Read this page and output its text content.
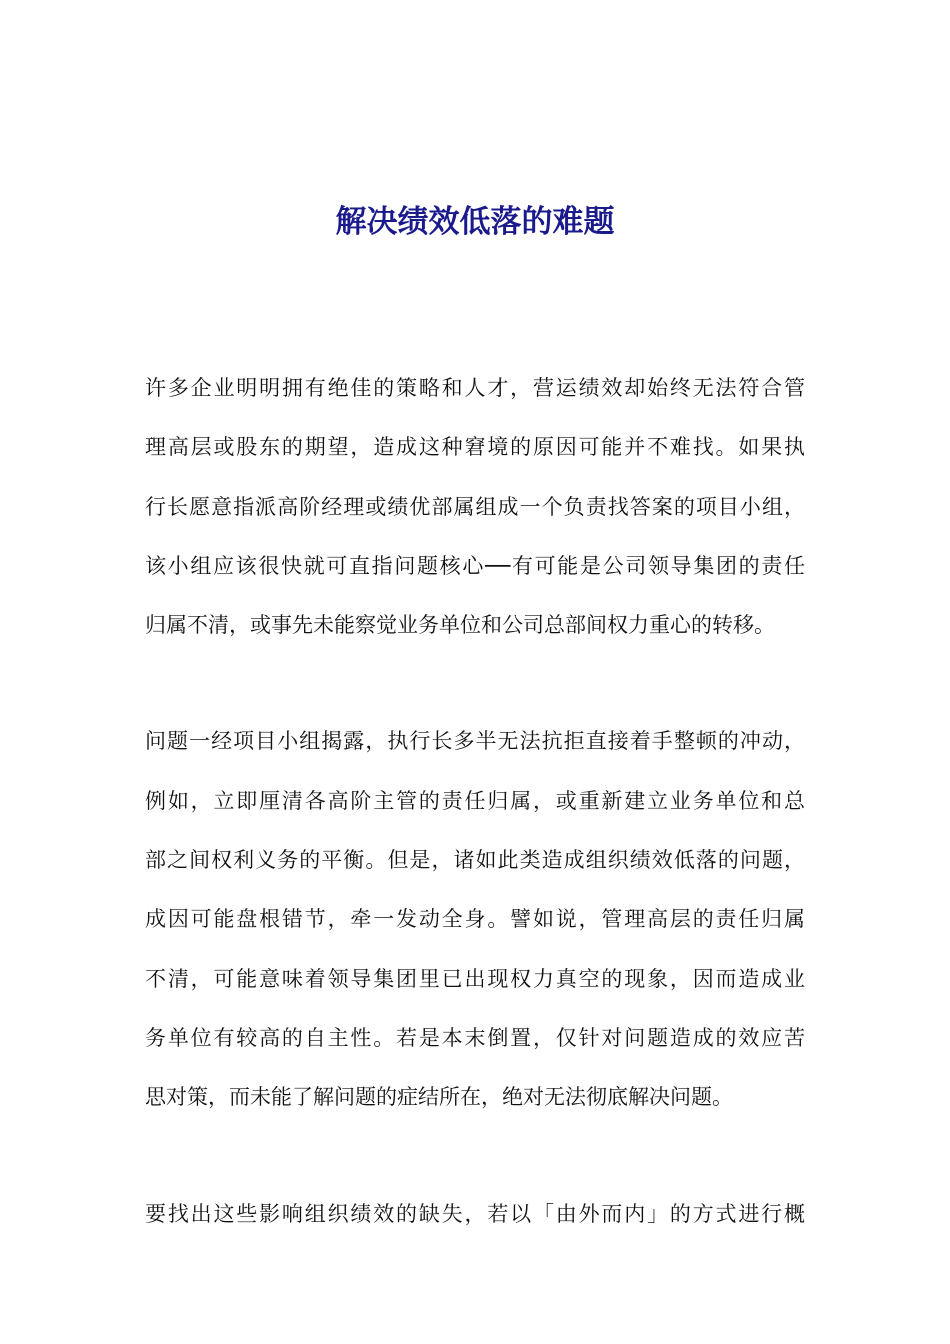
解决绩效低落的难题

许多企业明明拥有绝佳的策略和人才，营运绩效却始终无法符合管
理高层或股东的期望，造成这种窘境的原因可能并不难找。如果执
行长愿意指派高阶经理或绩优部属组成一个负责找答案的项目小组，
该小组应该很快就可直指问题核心──有可能是公司领导集团的责任
归属不清，或事先未能察觉业务单位和公司总部间权力重心的转移。

问题一经项目小组揭露，执行长多半无法抗拒直接着手整顿的冲动，
例如，立即厘清各高阶主管的责任归属，或重新建立业务单位和总
部之间权利义务的平衡。但是，诸如此类造成组织绩效低落的问题，
成因可能盘根错节，牵一发动全身。譬如说，管理高层的责任归属
不清，可能意味着领导集团里已出现权力真空的现象，因而造成业
务单位有较高的自主性。若是本末倒置，仅针对问题造成的效应苦
思对策，而未能了解问题的症结所在，绝对无法彻底解决问题。

要找出这些影响组织绩效的缺失，若以「由外而内」的方式进行概
